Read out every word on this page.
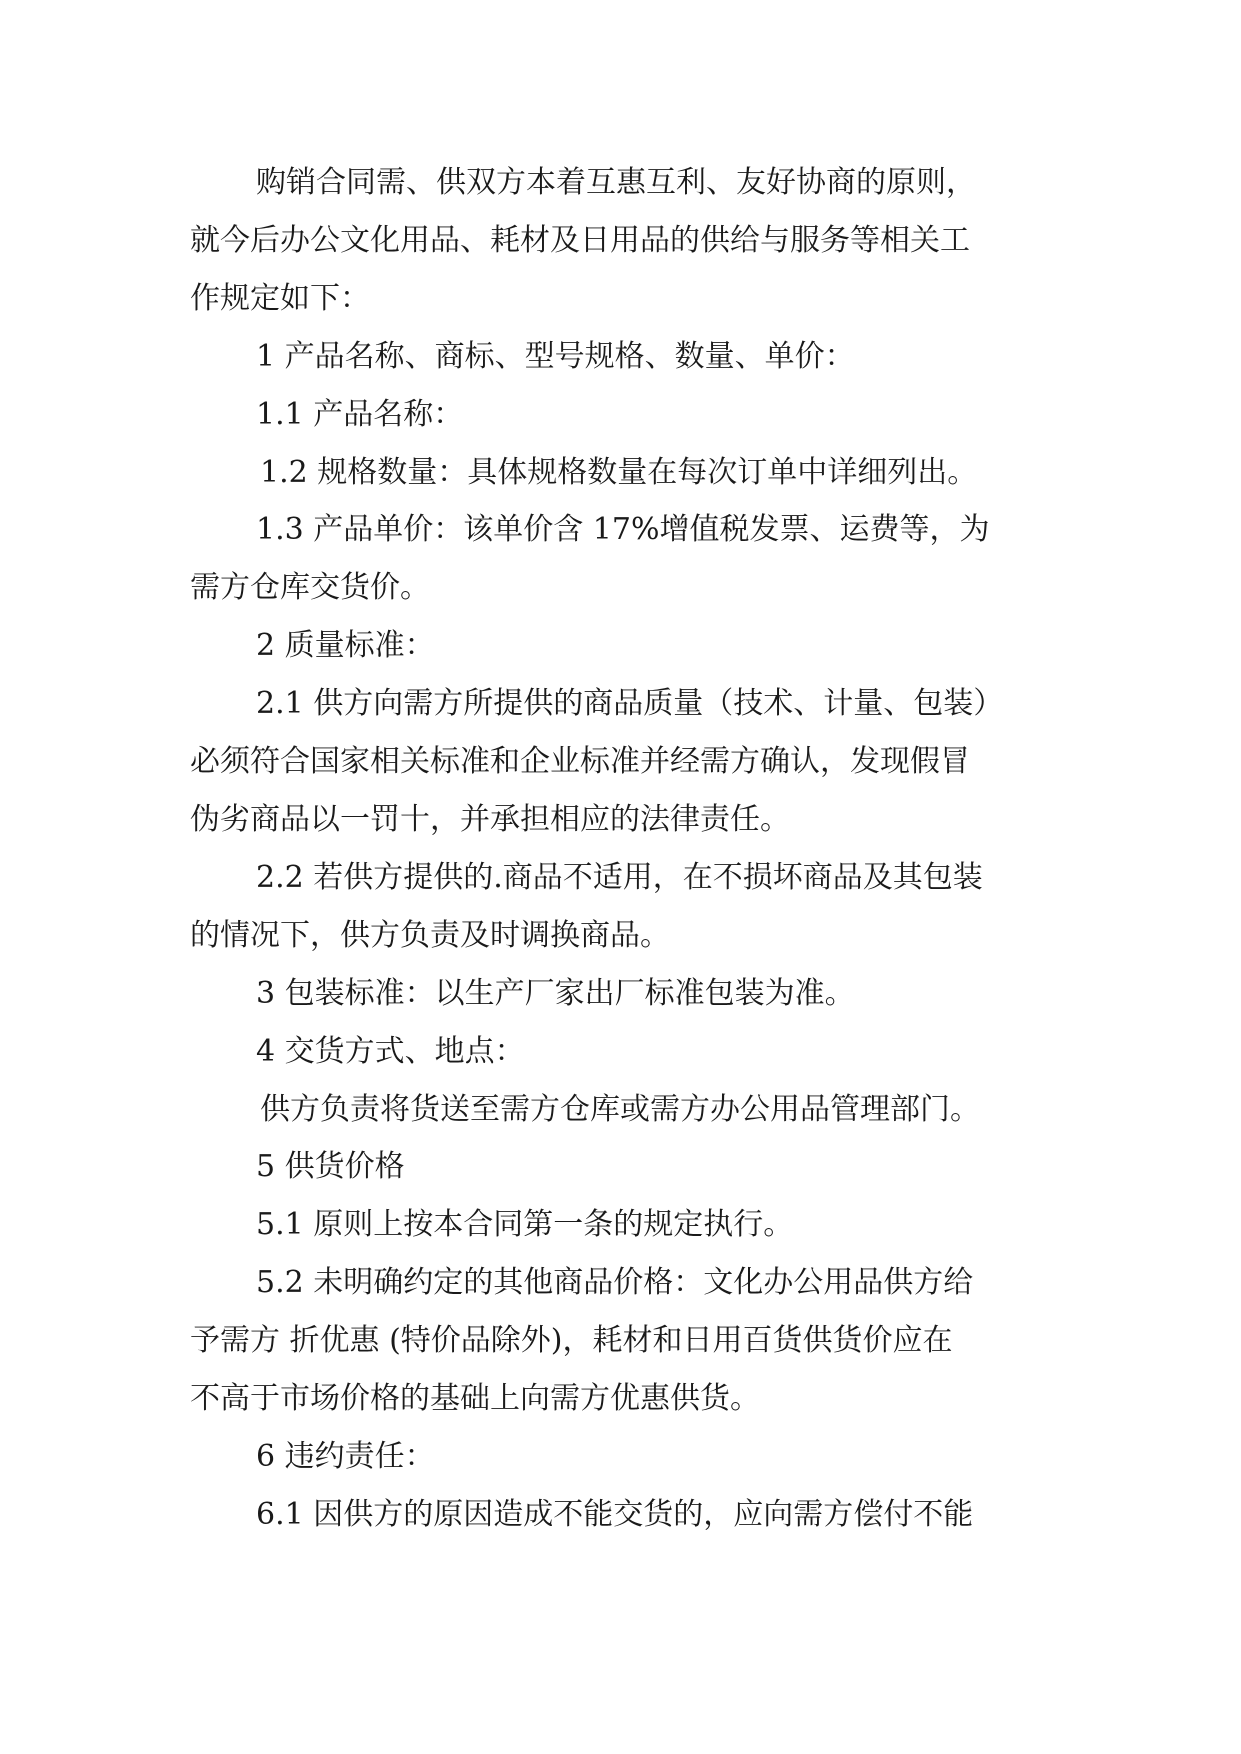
购销合同需、供双方本着互惠互利、友好协商的原则，

就今后办公文化用品、耗材及日用品的供给与服务等相关工

作规定如下：

1 产品名称、商标、型号规格、数量、单价：

1.1 产品名称：

1.2 规格数量：具体规格数量在每次订单中详细列出。

1.3 产品单价：该单价含 17%增值税发票、运费等，为

需方仓库交货价。

2 质量标准：

2.1 供方向需方所提供的商品质量（技术、计量、包装）

必须符合国家相关标准和企业标准并经需方确认，发现假冒

伪劣商品以一罚十，并承担相应的法律责任。

2.2 若供方提供的.商品不适用，在不损坏商品及其包装

的情况下，供方负责及时调换商品。

3 包装标准：以生产厂家出厂标准包装为准。

4 交货方式、地点：

供方负责将货送至需方仓库或需方办公用品管理部门。

5 供货价格

5.1 原则上按本合同第一条的规定执行。

5.2 未明确约定的其他商品价格：文化办公用品供方给

予需方 折优惠 (特价品除外)，耗材和日用百货供货价应在

不高于市场价格的基础上向需方优惠供货。

6 违约责任：

6.1 因供方的原因造成不能交货的，应向需方偿付不能
